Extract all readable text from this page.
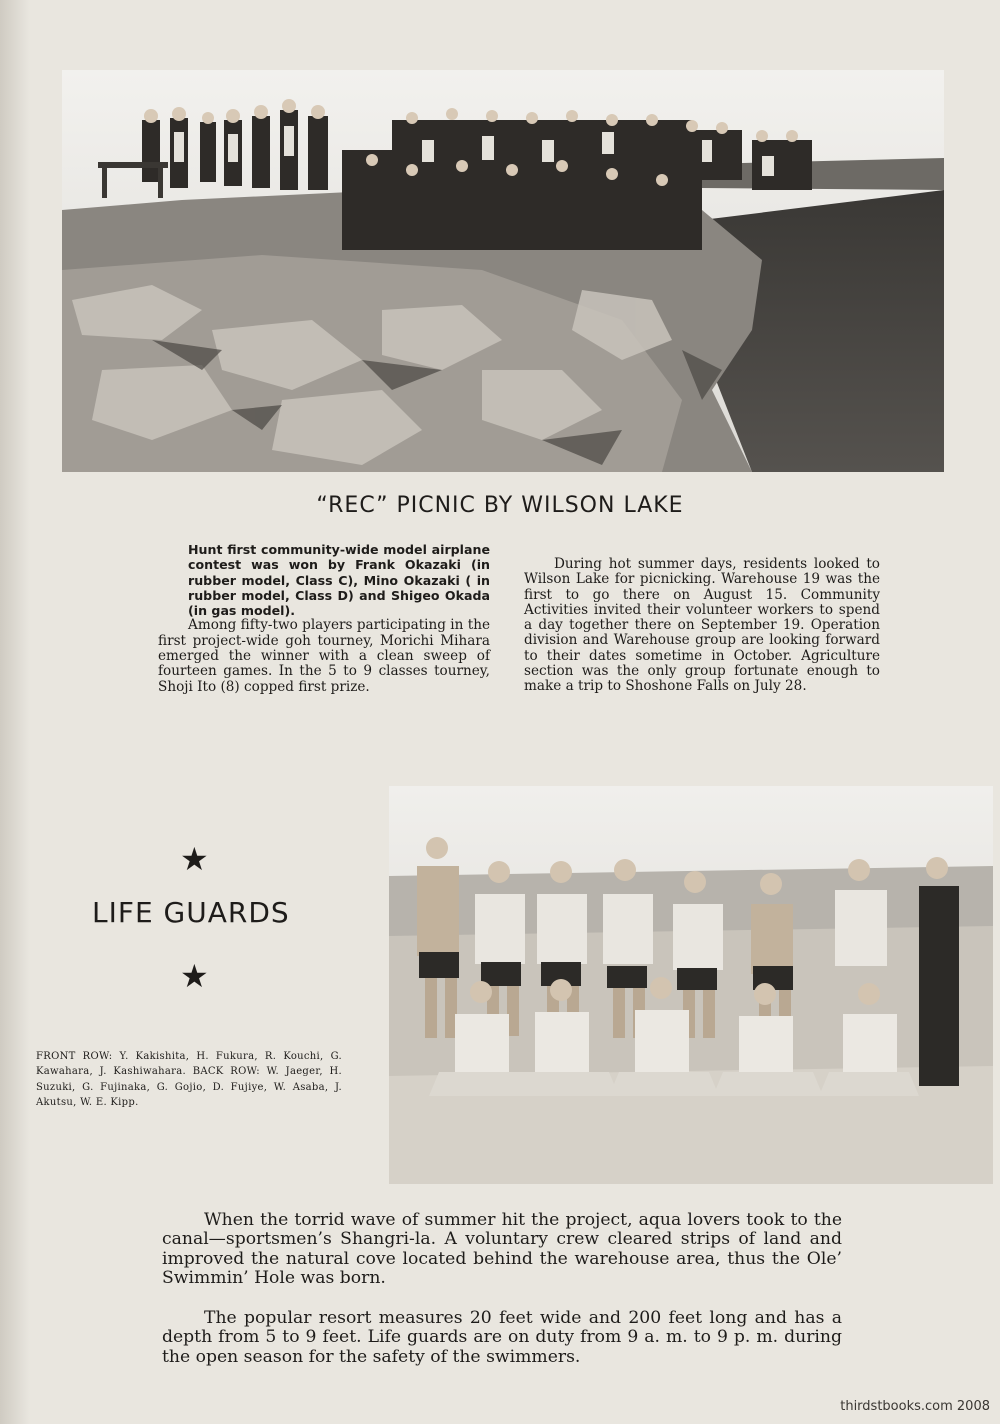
“REC” PICNIC BY WILSON LAKE

Hunt first community-wide model airplane contest was won by Frank Okazaki (in rubber model, Class C), Mino Okazaki ( in rubber model, Class D) and Shigeo Okada (in gas model).

Among fifty-two players participating in the first project-wide goh tourney, Morichi Mihara emerged the winner with a clean sweep of fourteen games. In the 5 to 9 classes tourney, Shoji Ito (8) copped first prize.

During hot summer days, residents looked to Wilson Lake for picnicking. Warehouse 19 was the first to go there on August 15. Community Activities invited their volunteer workers to spend a day together there on September 19. Operation division and Warehouse group are looking forward to their dates sometime in October. Agriculture section was the only group fortunate enough to make a trip to Shoshone Falls on July 28.

★
LIFE GUARDS
★
FRONT ROW: Y. Kakishita, H. Fukura, R. Kouchi, G. Kawahara, J. Kashiwahara. BACK ROW: W. Jaeger, H. Suzuki, G. Fujinaka, G. Gojio, D. Fujiye, W. Asaba, J. Akutsu, W. E. Kipp.

When the torrid wave of summer hit the project, aqua lovers took to the canal—sportsmen’s Shangri-la. A voluntary crew cleared strips of land and improved the natural cove located behind the warehouse area, thus the Ole’ Swimmin’ Hole was born.

The popular resort measures 20 feet wide and 200 feet long and has a depth from 5 to 9 feet. Life guards are on duty from 9 a. m. to 9 p. m. during the open season for the safety of the swimmers.

thirdstbooks.com 2008
